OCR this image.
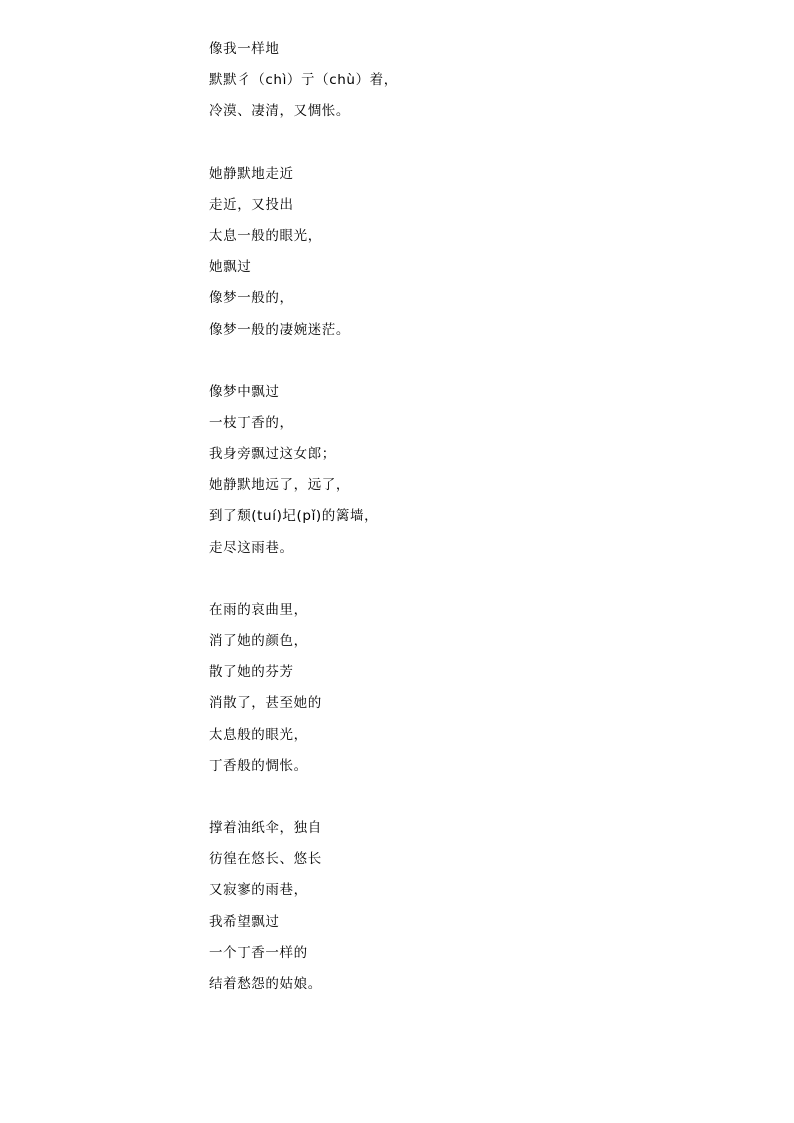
像我一样地
默默彳（chì）亍（chù）着，
冷漠、凄清，又惆怅。
她静默地走近
走近，又投出
太息一般的眼光，
她飘过
像梦一般的，
像梦一般的凄婉迷茫。
像梦中飘过
一枝丁香的，
我身旁飘过这女郎；
她静默地远了，远了，
到了颓(tuí)圮(pǐ)的篱墙，
走尽这雨巷。
在雨的哀曲里，
消了她的颜色，
散了她的芬芳
消散了，甚至她的
太息般的眼光，
丁香般的惆怅。
撑着油纸伞，独自
彷徨在悠长、悠长
又寂寥的雨巷，
我希望飘过
一个丁香一样的
结着愁怨的姑娘。
